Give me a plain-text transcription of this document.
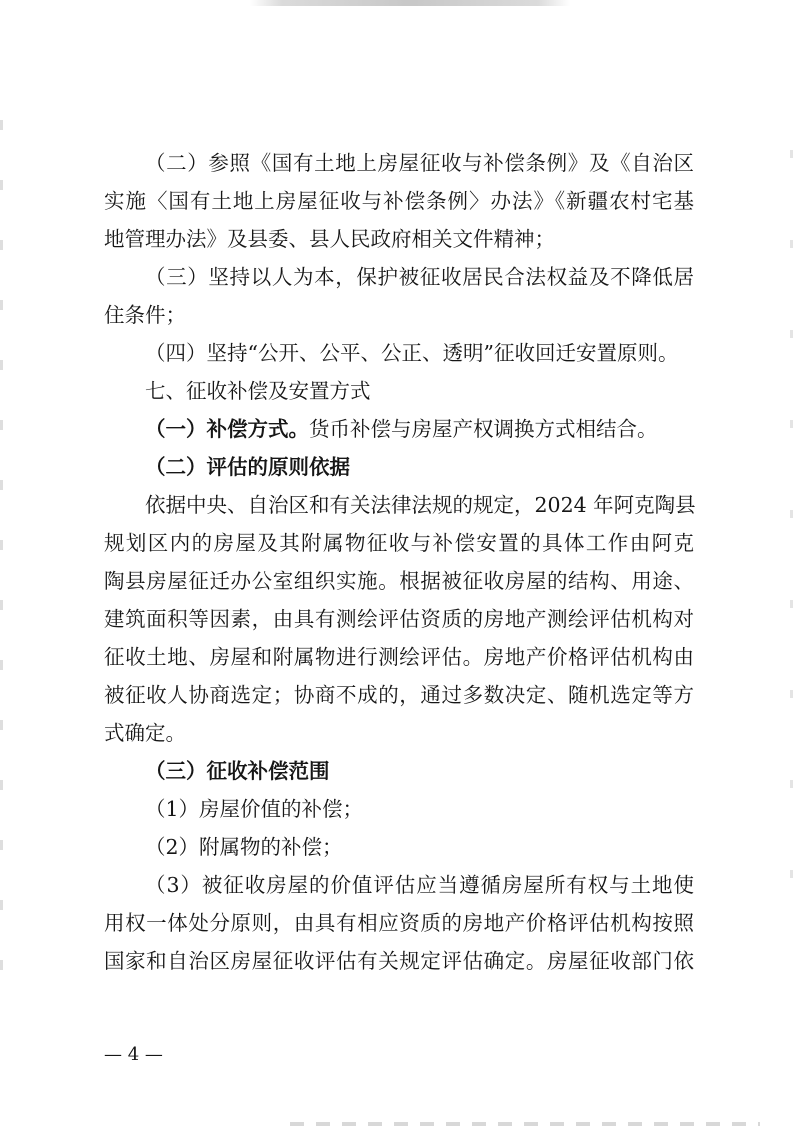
（二）参照《国有土地上房屋征收与补偿条例》及《自治区

实施〈国有土地上房屋征收与补偿条例〉办法》《新疆农村宅基

地管理办法》及县委、县人民政府相关文件精神；

（三）坚持以人为本，保护被征收居民合法权益及不降低居

住条件；

（四）坚持“公开、公平、公正、透明”征收回迁安置原则。

七、征收补偿及安置方式

（一）补偿方式。货币补偿与房屋产权调换方式相结合。

（二）评估的原则依据

依据中央、自治区和有关法律法规的规定，2024 年阿克陶县

规划区内的房屋及其附属物征收与补偿安置的具体工作由阿克

陶县房屋征迁办公室组织实施。根据被征收房屋的结构、用途、

建筑面积等因素，由具有测绘评估资质的房地产测绘评估机构对

征收土地、房屋和附属物进行测绘评估。房地产价格评估机构由

被征收人协商选定；协商不成的，通过多数决定、随机选定等方

式确定。

（三）征收补偿范围

（1）房屋价值的补偿；

（2）附属物的补偿；

（3）被征收房屋的价值评估应当遵循房屋所有权与土地使

用权一体处分原则，由具有相应资质的房地产价格评估机构按照

国家和自治区房屋征收评估有关规定评估确定。房屋征收部门依

— 4 —
